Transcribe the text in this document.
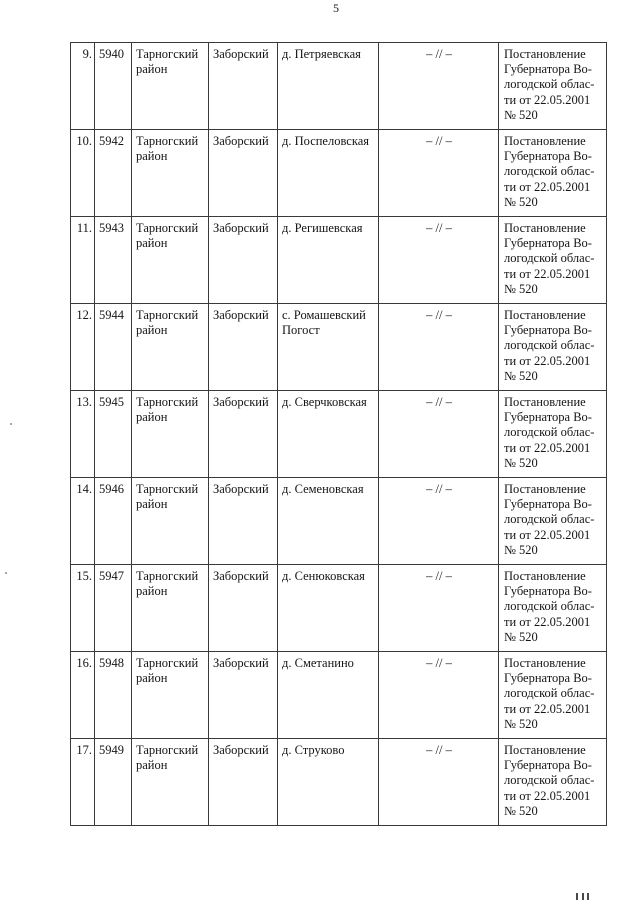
5
9.	5940	Тарногский
район	Заборский	д. Петряевская	– // –	Постановление
Губернатора Во-
логодской облас-
ти от 22.05.2001
№ 520

10.	5942	Тарногский
район	Заборский	д. Поспеловская	– // –	Постановление
Губернатора Во-
логодской облас-
ти от 22.05.2001
№ 520

11.	5943	Тарногский
район	Заборский	д. Регишевская	– // –	Постановление
Губернатора Во-
логодской облас-
ти от 22.05.2001
№ 520

12.	5944	Тарногский
район	Заборский	с. Ромашевский
Погост	– // –	Постановление
Губернатора Во-
логодской облас-
ти от 22.05.2001
№ 520

13.	5945	Тарногский
район	Заборский	д. Сверчковская	– // –	Постановление
Губернатора Во-
логодской облас-
ти от 22.05.2001
№ 520

14.	5946	Тарногский
район	Заборский	д. Семеновская	– // –	Постановление
Губернатора Во-
логодской облас-
ти от 22.05.2001
№ 520

15.	5947	Тарногский
район	Заборский	д. Сенюковская	– // –	Постановление
Губернатора Во-
логодской облас-
ти от 22.05.2001
№ 520

16.	5948	Тарногский
район	Заборский	д. Сметанино	– // –	Постановление
Губернатора Во-
логодской облас-
ти от 22.05.2001
№ 520

17.	5949	Тарногский
район	Заборский	д. Струково	– // –	Постановление
Губернатора Во-
логодской облас-
ти от 22.05.2001
№ 520
